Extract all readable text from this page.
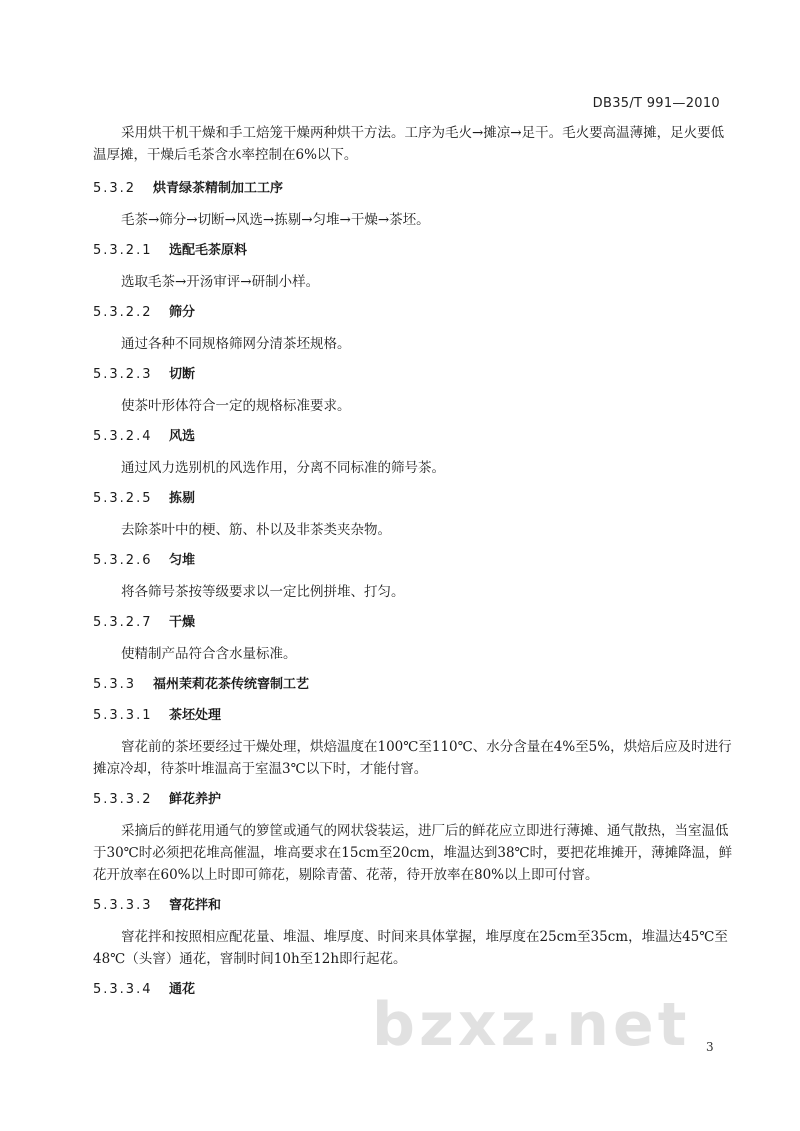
DB35/T 991—2010

采用烘干机干燥和手工焙笼干燥两种烘干方法。工序为毛火→摊凉→足干。毛火要高温薄摊，足火要低温厚摊，干燥后毛茶含水率控制在6%以下。

5.3.2 烘青绿茶精制加工工序

毛茶→筛分→切断→风选→拣剔→匀堆→干燥→茶坯。

5.3.2.1 选配毛茶原料

选取毛茶→开汤审评→研制小样。

5.3.2.2 筛分

通过各种不同规格筛网分清茶坯规格。

5.3.2.3 切断

使茶叶形体符合一定的规格标准要求。

5.3.2.4 风选

通过风力选别机的风选作用，分离不同标准的筛号茶。

5.3.2.5 拣剔

去除茶叶中的梗、筋、朴以及非茶类夹杂物。

5.3.2.6 匀堆

将各筛号茶按等级要求以一定比例拼堆、打匀。

5.3.2.7 干燥

使精制产品符合含水量标准。

5.3.3 福州茉莉花茶传统窨制工艺

5.3.3.1 茶坯处理

窨花前的茶坯要经过干燥处理，烘焙温度在100℃至110℃、水分含量在4%至5%，烘焙后应及时进行摊凉冷却，待茶叶堆温高于室温3℃以下时，才能付窨。

5.3.3.2 鲜花养护

采摘后的鲜花用通气的箩筐或通气的网状袋装运，进厂后的鲜花应立即进行薄摊、通气散热，当室温低于30℃时必须把花堆高催温，堆高要求在15cm至20cm，堆温达到38℃时，要把花堆摊开，薄摊降温，鲜花开放率在60%以上时即可筛花，剔除青蕾、花蒂，待开放率在80%以上即可付窨。

5.3.3.3 窨花拌和

窨花拌和按照相应配花量、堆温、堆厚度、时间来具体掌握，堆厚度在25cm至35cm，堆温达45℃至48℃（头窨）通花，窨制时间10h至12h即行起花。

5.3.3.4 通花

bzxz.net 3
